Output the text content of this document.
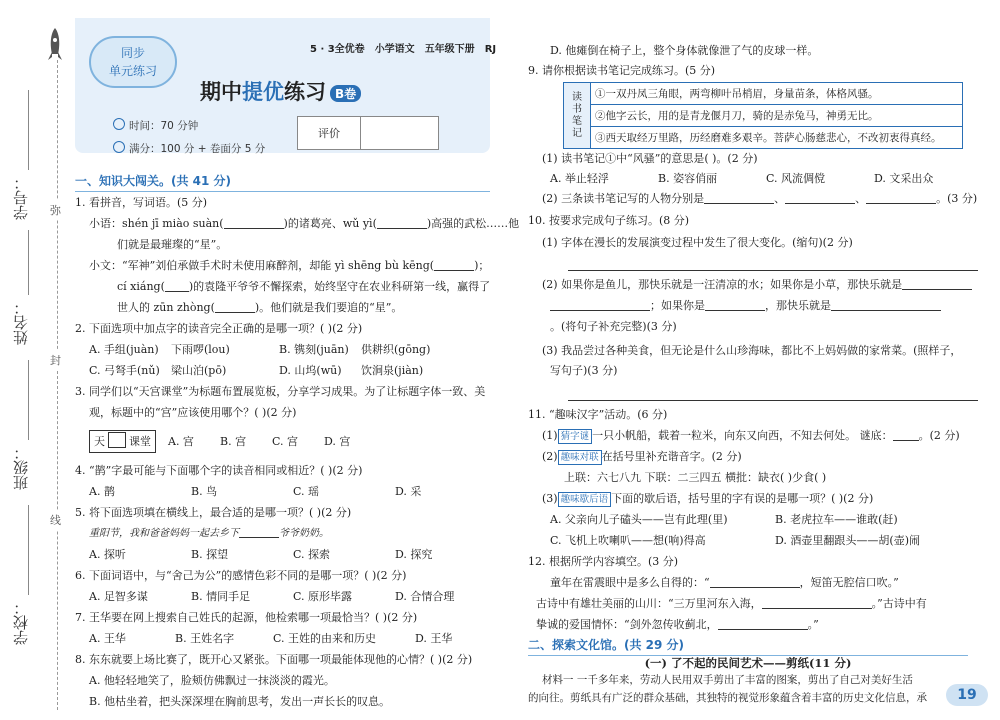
学号：
姓名：
班级：
学校：
弥
封
线
同步
单元练习
5 · 3全优卷 小学语文 五年级下册 RJ
期中提优练习 B卷
时间：70 分钟
满分：100 分 + 卷面分 5 分
评价
一、知识大闯关。(共 41 分)
1. 看拼音，写词语。(5 分)
小语：shén jī miào suàn(	)的诸葛亮、wǔ yì(	)高强的武松……他
们就是最璀璨的“星”。
小文：“军神”刘伯承做手术时未使用麻醉剂，却能 yì shēng bù kēng(	)；
cí xiáng( )的袁隆平爷爷不懈探索，始终坚守在农业科研第一线，赢得了
世人的 zūn zhòng(	)。他们就是我们要追的“星”。
2. 下面选项中加点字的读音完全正确的是哪一项？( )(2 分)
A. 手组(juàn)	下雨啰(lou)	B. 镌刻(juān)	供耕织(gōng)
C. 弓弩手(nǔ)	梁山泊(pō)	D. 山坞(wū)	饮涧泉(jiàn)
3. 同学们以“天宫课堂”为标题布置展览板，分享学习成果。为了让标题字体一致、美
观，标题中的“宫”应该使用哪个？( )(2 分)
天 课堂	A. 宫	B. 宫	C. 宫	D. 宫
4. “鹊”字最可能与下面哪个字的读音相同或相近？( )(2 分)
A. 鹊	B. 鸟	C. 瑶	D. 采
5. 将下面选项填在横线上，最合适的是哪一项？( )(2 分)
重阳节，我和爸爸妈妈一起去乡下	爷爷奶奶。
A. 探听	B. 探望	C. 探索	D. 探究
6. 下面词语中，与“舍己为公”的感情色彩不同的是哪一项？( )(2 分)
A. 足智多谋	B. 情同手足	C. 原形毕露	D. 合情合理
7. 王华要在网上搜索自己姓氏的起源，他检索哪一项最恰当？( )(2 分)
A. 王华	B. 王姓名字	C. 王姓的由来和历史	D. 王华
8. 东东就要上场比赛了，既开心又紧张。下面哪一项最能体现他的心情？( )(2 分)
A. 他轻轻地笑了，脸颊仿佛飘过一抹淡淡的霞光。
B. 他枯坐着，把头深深埋在胸前思考，发出一声长长的叹息。
D. 他瘫倒在椅子上，整个身体就像泄了气的皮球一样。
9. 请你根据读书笔记完成练习。(5 分)
读书笔记	①一双丹凤三角眼，两弯柳叶吊梢眉，身量苗条，体格风骚。
②他字云长，用的是青龙偃月刀，骑的是赤兔马，神勇无比。
③西天取经万里路，历经磨难多艰辛。菩萨心肠慈悲心，不改初衷得真经。
(1) 读书笔记①中“风骚”的意思是( )。(2 分)
A. 举止轻浮	B. 姿容俏丽	C. 风流倜傥	D. 文采出众
(2) 三条读书笔记写的人物分别是	、	、	。(3 分)
10. 按要求完成句子练习。(8 分)
(1) 字体在漫长的发展演变过程中发生了很大变化。(缩句)(2 分)
(2) 如果你是鱼儿，那快乐就是一汪清凉的水；如果你是小草，那快乐就是
；如果你是	，那快乐就是
。(将句子补充完整)(3 分)
(3) 我品尝过各种美食，但无论是什么山珍海味，都比不上妈妈做的家常菜。(照样子，
写句子)(3 分)
11. “趣味汉字”活动。(6 分)
(1) 猜字谜 一只小帆船，载着一粒米，向东又向西，不知去何处。 谜底： 。(2 分)
(2) 趣味对联 在括号里补充谐音字。(2 分)
上联：六七八九 下联：二三四五 横批：缺衣( )少食( )
(3) 趣味歇后语 下面的歇后语，括号里的字有误的是哪一项？( )(2 分)
A. 父亲向儿子磕头——岂有此理(里)	B. 老虎拉车——谁敢(赶)
C. 飞机上吹喇叭——想(响)得高	D. 酒壶里翻跟头——胡(壶)闹
12. 根据所学内容填空。(3 分)
童年在雷震眼中是多么自得的：“	，短笛无腔信口吹。”
古诗中有雄壮美丽的山川：“三万里河东入海，	。”古诗中有
挚诚的爱国情怀：“剑外忽传收蓟北，	。”
二、探索文化馆。(共 29 分)
(一) 了不起的民间艺术——剪纸(11 分)
材料一 一千多年来，劳动人民用双手剪出了丰富的图案，剪出了自己对美好生活
的向往。剪纸具有广泛的群众基础，其独特的视觉形象蕴含着丰富的历史文化信息，承	19
